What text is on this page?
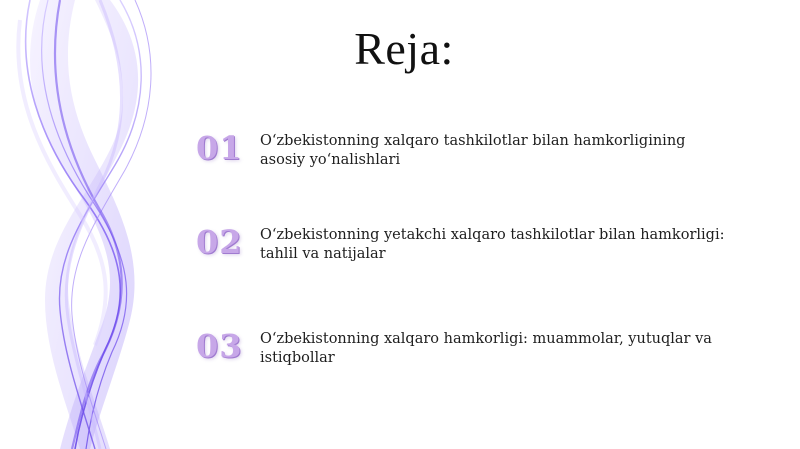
Reja:
01	O‘zbekistonning xalqaro tashkilotlar bilan hamkorligining asosiy yo‘nalishlari
02	O‘zbekistonning yetakchi xalqaro tashkilotlar bilan hamkorligi: tahlil va natijalar
03	O‘zbekistonning xalqaro hamkorligi: muammolar, yutuqlar va istiqbollar
